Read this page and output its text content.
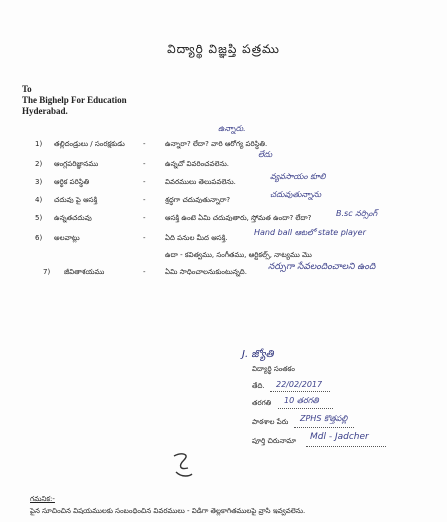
విద్యార్థి విజ్ఞప్తి పత్రము
To
The Bighelp For Education
Hyderabad.
1) తల్లిదండ్రులు / సంరక్షకుడు	-	ఉన్నారా? లేదా? వారి ఆరోగ్య పరిస్థితి.
ఉన్నారు.
2) ఆంగ్లపరిజ్ఞానము	-	ఉన్నచో వివరించవలెను.
లేదు
3) ఆర్థిక పరిస్థితి	-	వివరములు తెలుపవలెను.
వ్యవసాయం కూలి
4) చదువు పై ఆసక్తి	-	శ్రద్ధగా చదువుతున్నారా?
చదువుతున్నాను
5) ఉన్నతచదువు	-	ఆసక్తి ఉంటె ఏమి చదువుతారు, స్తోమత ఉందా? లేదా?	B.sc నర్సింగ్
6) అలవాట్లు	-	ఏది పనుల మీద ఆసక్తి.
Hand ball ఆటలో state player
ఉదా - కవిత్వము, సంగీతము, ఆర్టికల్స్, నాట్యము మొ
7) జీవితాశయము	-	ఏమి సాధించాలనుకుంటున్నది. నర్సుగా సేవలందించాలని ఉంది
J. జ్యోతి
విద్యార్థి సంతకం
తేది. 22/02/2017
తరగతి 10 తరగతి
పాఠశాల పేరు ZPHS కొత్తపల్లి
పూర్తి చిరునామా Mdl - Jadcher
గమనిక:-
పైన సూచించిన విషయములకు సంబంధించిన వివరములు - విడిగా తెల్లకాగితములపై వ్రాసి ఇవ్వవలెను.
